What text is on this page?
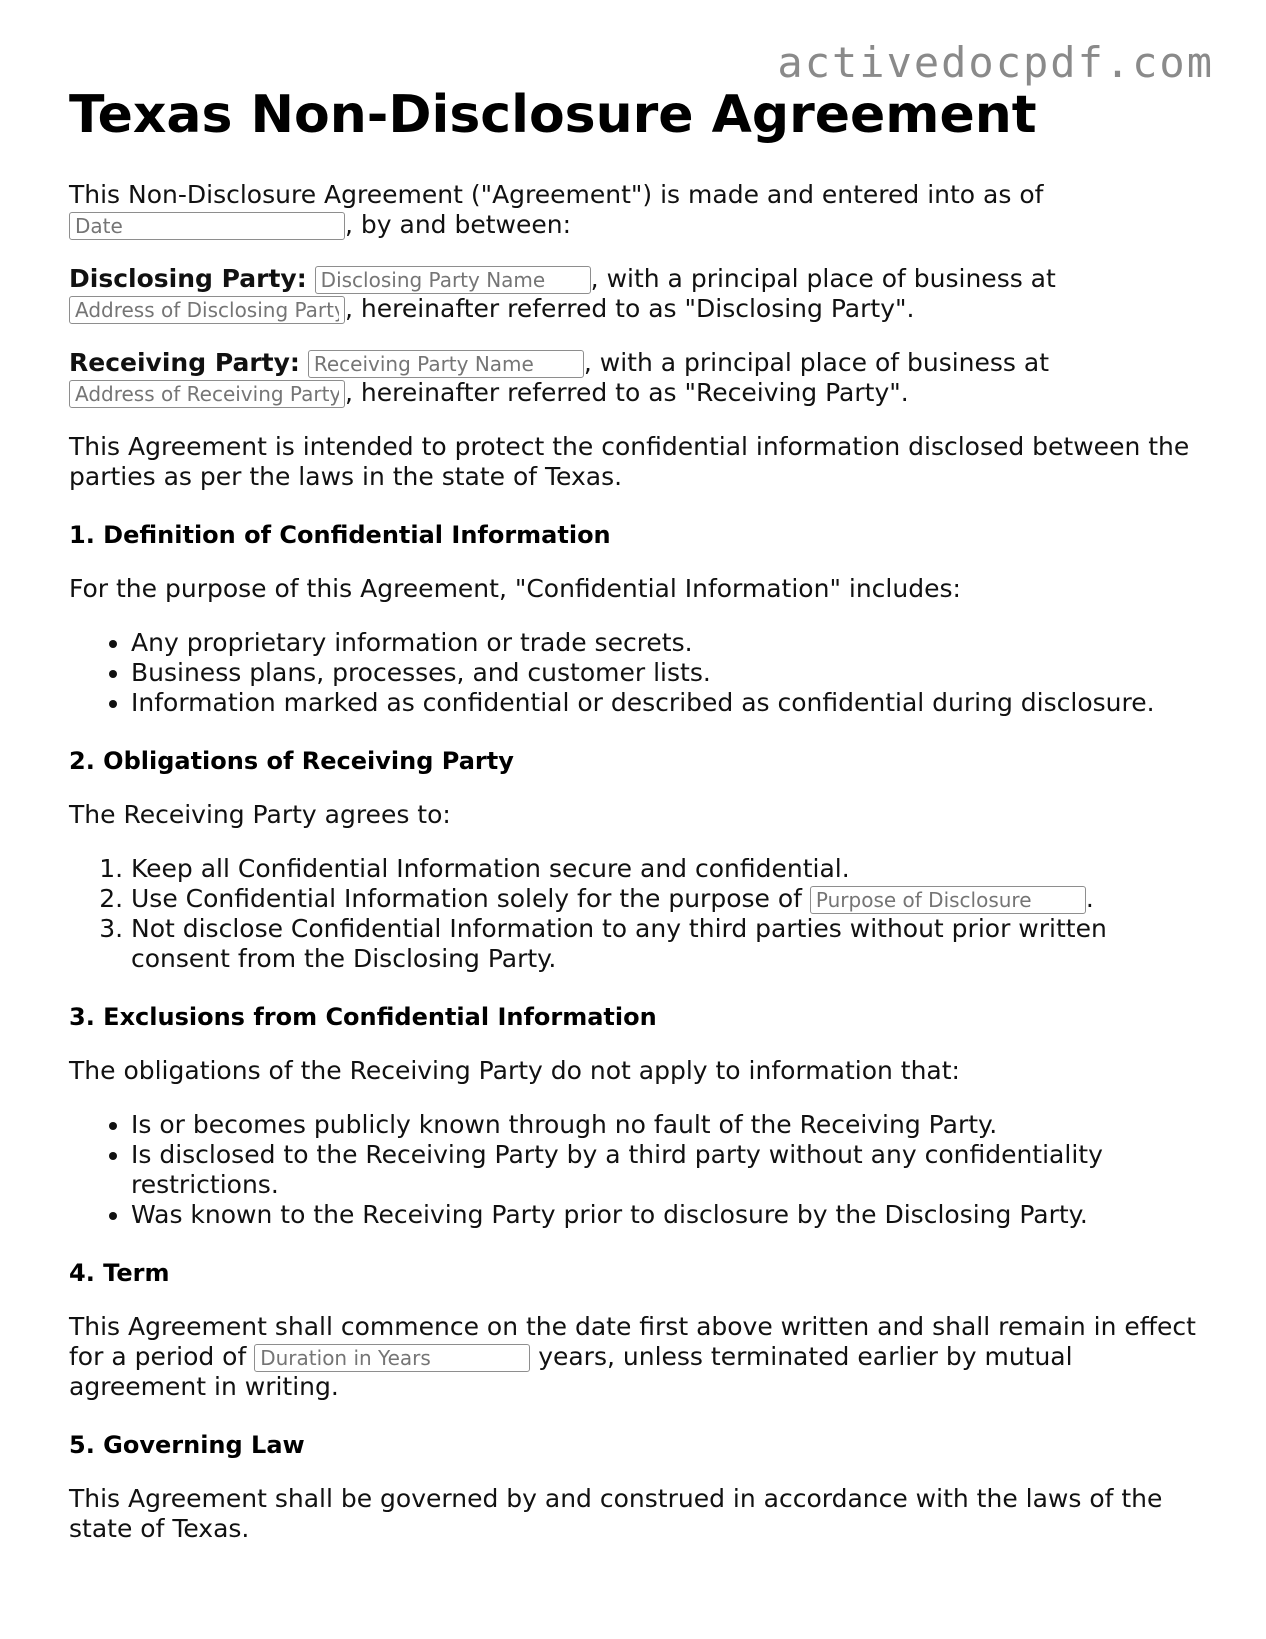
activedocpdf.com
Texas Non-Disclosure Agreement

This Non-Disclosure Agreement ("Agreement") is made and entered into as of
Date, by and between:

Disclosing Party: Disclosing Party Name	, with a principal place of business at
Address of Disclosing Party, hereinafter referred to as "Disclosing Party".

Receiving Party: Receiving Party Name	, with a principal place of business at
Address of Receiving Party, hereinafter referred to as "Receiving Party".

This Agreement is intended to protect the confidential information disclosed between the parties as per the laws in the state of Texas.

1. Definition of Confidential Information

For the purpose of this Agreement, "Confidential Information" includes:

• Any proprietary information or trade secrets.
• Business plans, processes, and customer lists.
• Information marked as confidential or described as confidential during disclosure.
2. Obligations of Receiving Party

The Receiving Party agrees to:

1. Keep all Confidential Information secure and confidential.
2. Use Confidential Information solely for the purpose of Purpose of Disclosure	.
3. Not disclose Confidential Information to any third parties without prior written consent from the Disclosing Party.
3. Exclusions from Confidential Information

The obligations of the Receiving Party do not apply to information that:

• Is or becomes publicly known through no fault of the Receiving Party.
• Is disclosed to the Receiving Party by a third party without any confidentiality restrictions.
• Was known to the Receiving Party prior to disclosure by the Disclosing Party.
4. Term

This Agreement shall commence on the date first above written and shall remain in effect for a period of Duration in Years	years, unless terminated earlier by mutual agreement in writing.

5. Governing Law

This Agreement shall be governed by and construed in accordance with the laws of the state of Texas.
